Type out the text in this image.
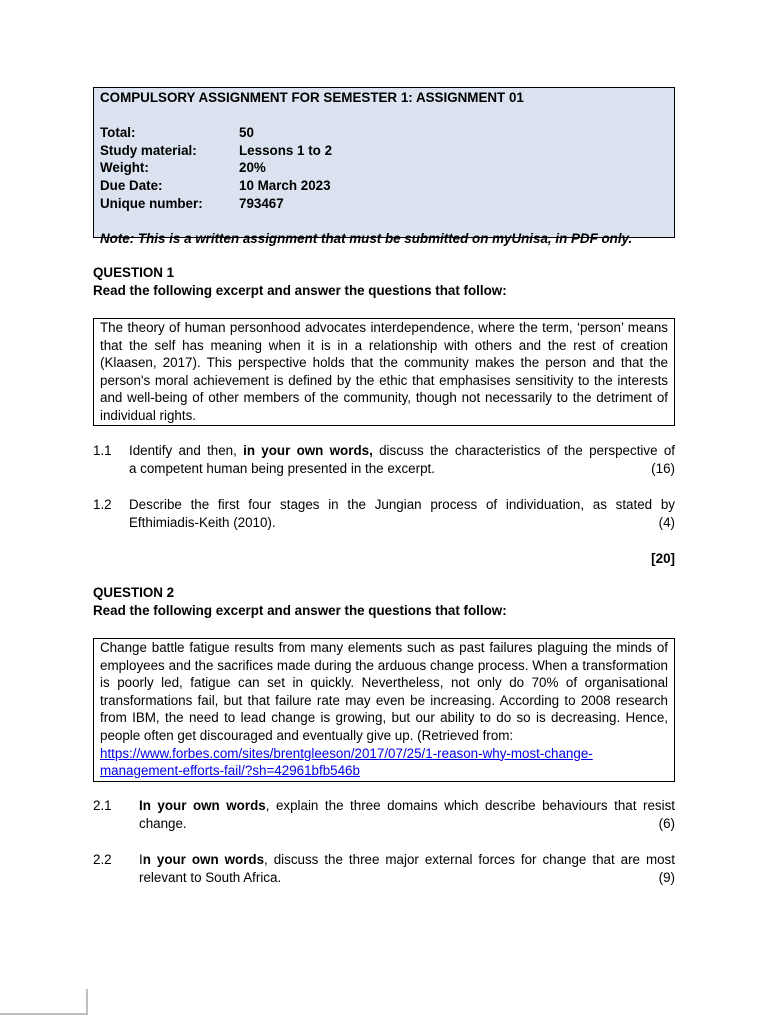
COMPULSORY ASSIGNMENT FOR SEMESTER 1: ASSIGNMENT 01
Total:	50
Study material:	Lessons 1 to 2
Weight:	20%
Due Date:	10 March 2023
Unique number:	793467
Note: This is a written assignment that must be submitted on myUnisa, in PDF only.
QUESTION 1
Read the following excerpt and answer the questions that follow:
The theory of human personhood advocates interdependence, where the term, ‘person’ means that the self has meaning when it is in a relationship with others and the rest of creation (Klaasen, 2017). This perspective holds that the community makes the person and that the person's moral achievement is defined by the ethic that emphasises sensitivity to the interests and well-being of other members of the community, though not necessarily to the detriment of individual rights.
1.1 Identify and then, in your own words, discuss the characteristics of the perspective of
a competent human being presented in the excerpt.	(16)
1.2 Describe the first four stages in the Jungian process of individuation, as stated by
Efthimiadis-Keith (2010).	(4)
[20]
QUESTION 2
Read the following excerpt and answer the questions that follow:
Change battle fatigue results from many elements such as past failures plaguing the minds of employees and the sacrifices made during the arduous change process. When a transformation is poorly led, fatigue can set in quickly. Nevertheless, not only do 70% of organisational transformations fail, but that failure rate may even be increasing. According to 2008 research from IBM, the need to lead change is growing, but our ability to do so is decreasing. Hence, people often get discouraged and eventually give up. (Retrieved from:
https://www.forbes.com/sites/brentgleeson/2017/07/25/1-reason-why-most-change-
management-efforts-fail/?sh=42961bfb546b
2.1 In your own words, explain the three domains which describe behaviours that resist
change.	(6)
2.2 In your own words, discuss the three major external forces for change that are most
relevant to South Africa.	(9)
